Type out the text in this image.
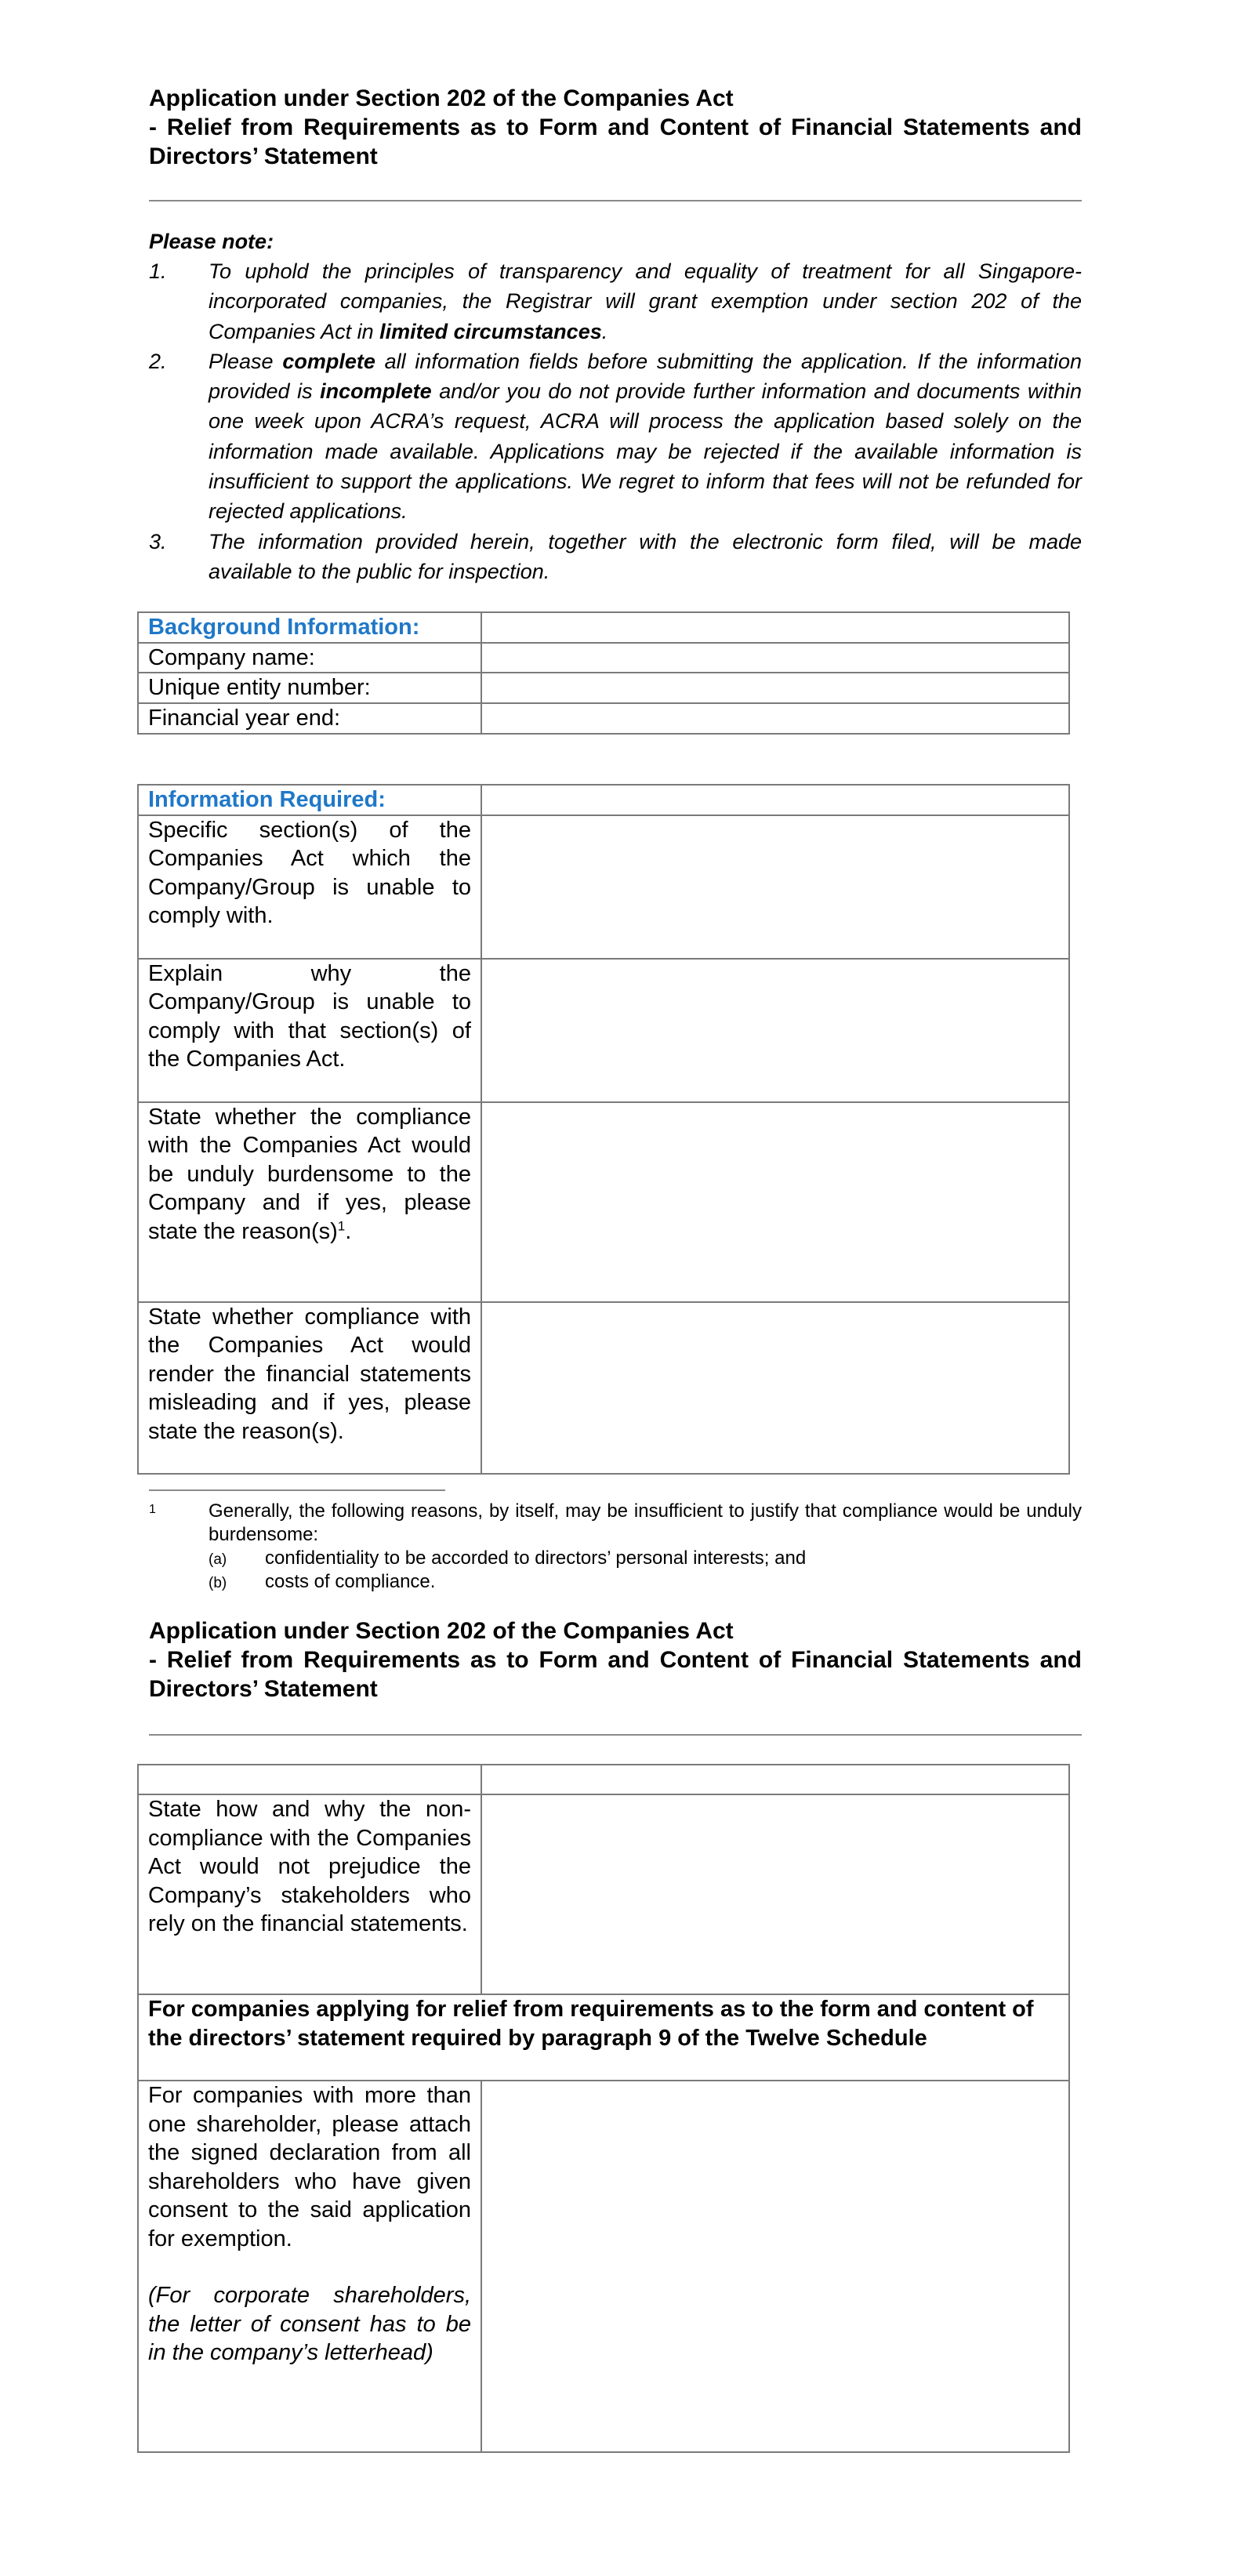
Application under Section 202 of the Companies Act
- Relief from Requirements as to Form and Content of Financial Statements and Directors’ Statement
Please note:
1. To uphold the principles of transparency and equality of treatment for all Singapore-incorporated companies, the Registrar will grant exemption under section 202 of the Companies Act in limited circumstances.
2. Please complete all information fields before submitting the application. If the information provided is incomplete and/or you do not provide further information and documents within one week upon ACRA’s request, ACRA will process the application based solely on the information made available. Applications may be rejected if the available information is insufficient to support the applications. We regret to inform that fees will not be refunded for rejected applications.
3. The information provided herein, together with the electronic form filed, will be made available to the public for inspection.
Background Information:	
Company name:	
Unique entity number:	
Financial year end:	
Information Required:	
Specific section(s) of the Companies Act which the Company/Group is unable to comply with.	
Explain why the Company/Group is unable to comply with that section(s) of the Companies Act.	
State whether the compliance with the Companies Act would be unduly burdensome to the Company and if yes, please state the $reason(s)^1$.	
State whether compliance with the Companies Act would render the financial statements misleading and if yes, please state the reason(s).	
1	Generally, the following reasons, by itself, may be insufficient to justify that compliance would be unduly burdensome:
(a) confidentiality to be accorded to directors’ personal interests; and
(b) costs of compliance.
Application under Section 202 of the Companies Act
- Relief from Requirements as to Form and Content of Financial Statements and Directors’ Statement

State how and why the non-compliance with the Companies Act would not prejudice the Company’s stakeholders who rely on the financial statements.	
For companies applying for relief from requirements as to the form and content of the directors’ statement required by paragraph 9 of the Twelve Schedule	

For companies with more than one shareholder, please attach the signed declaration from all shareholders who have given consent to the said application for exemption.
(For corporate shareholders, the letter of consent has to be in the company’s letterhead)	
